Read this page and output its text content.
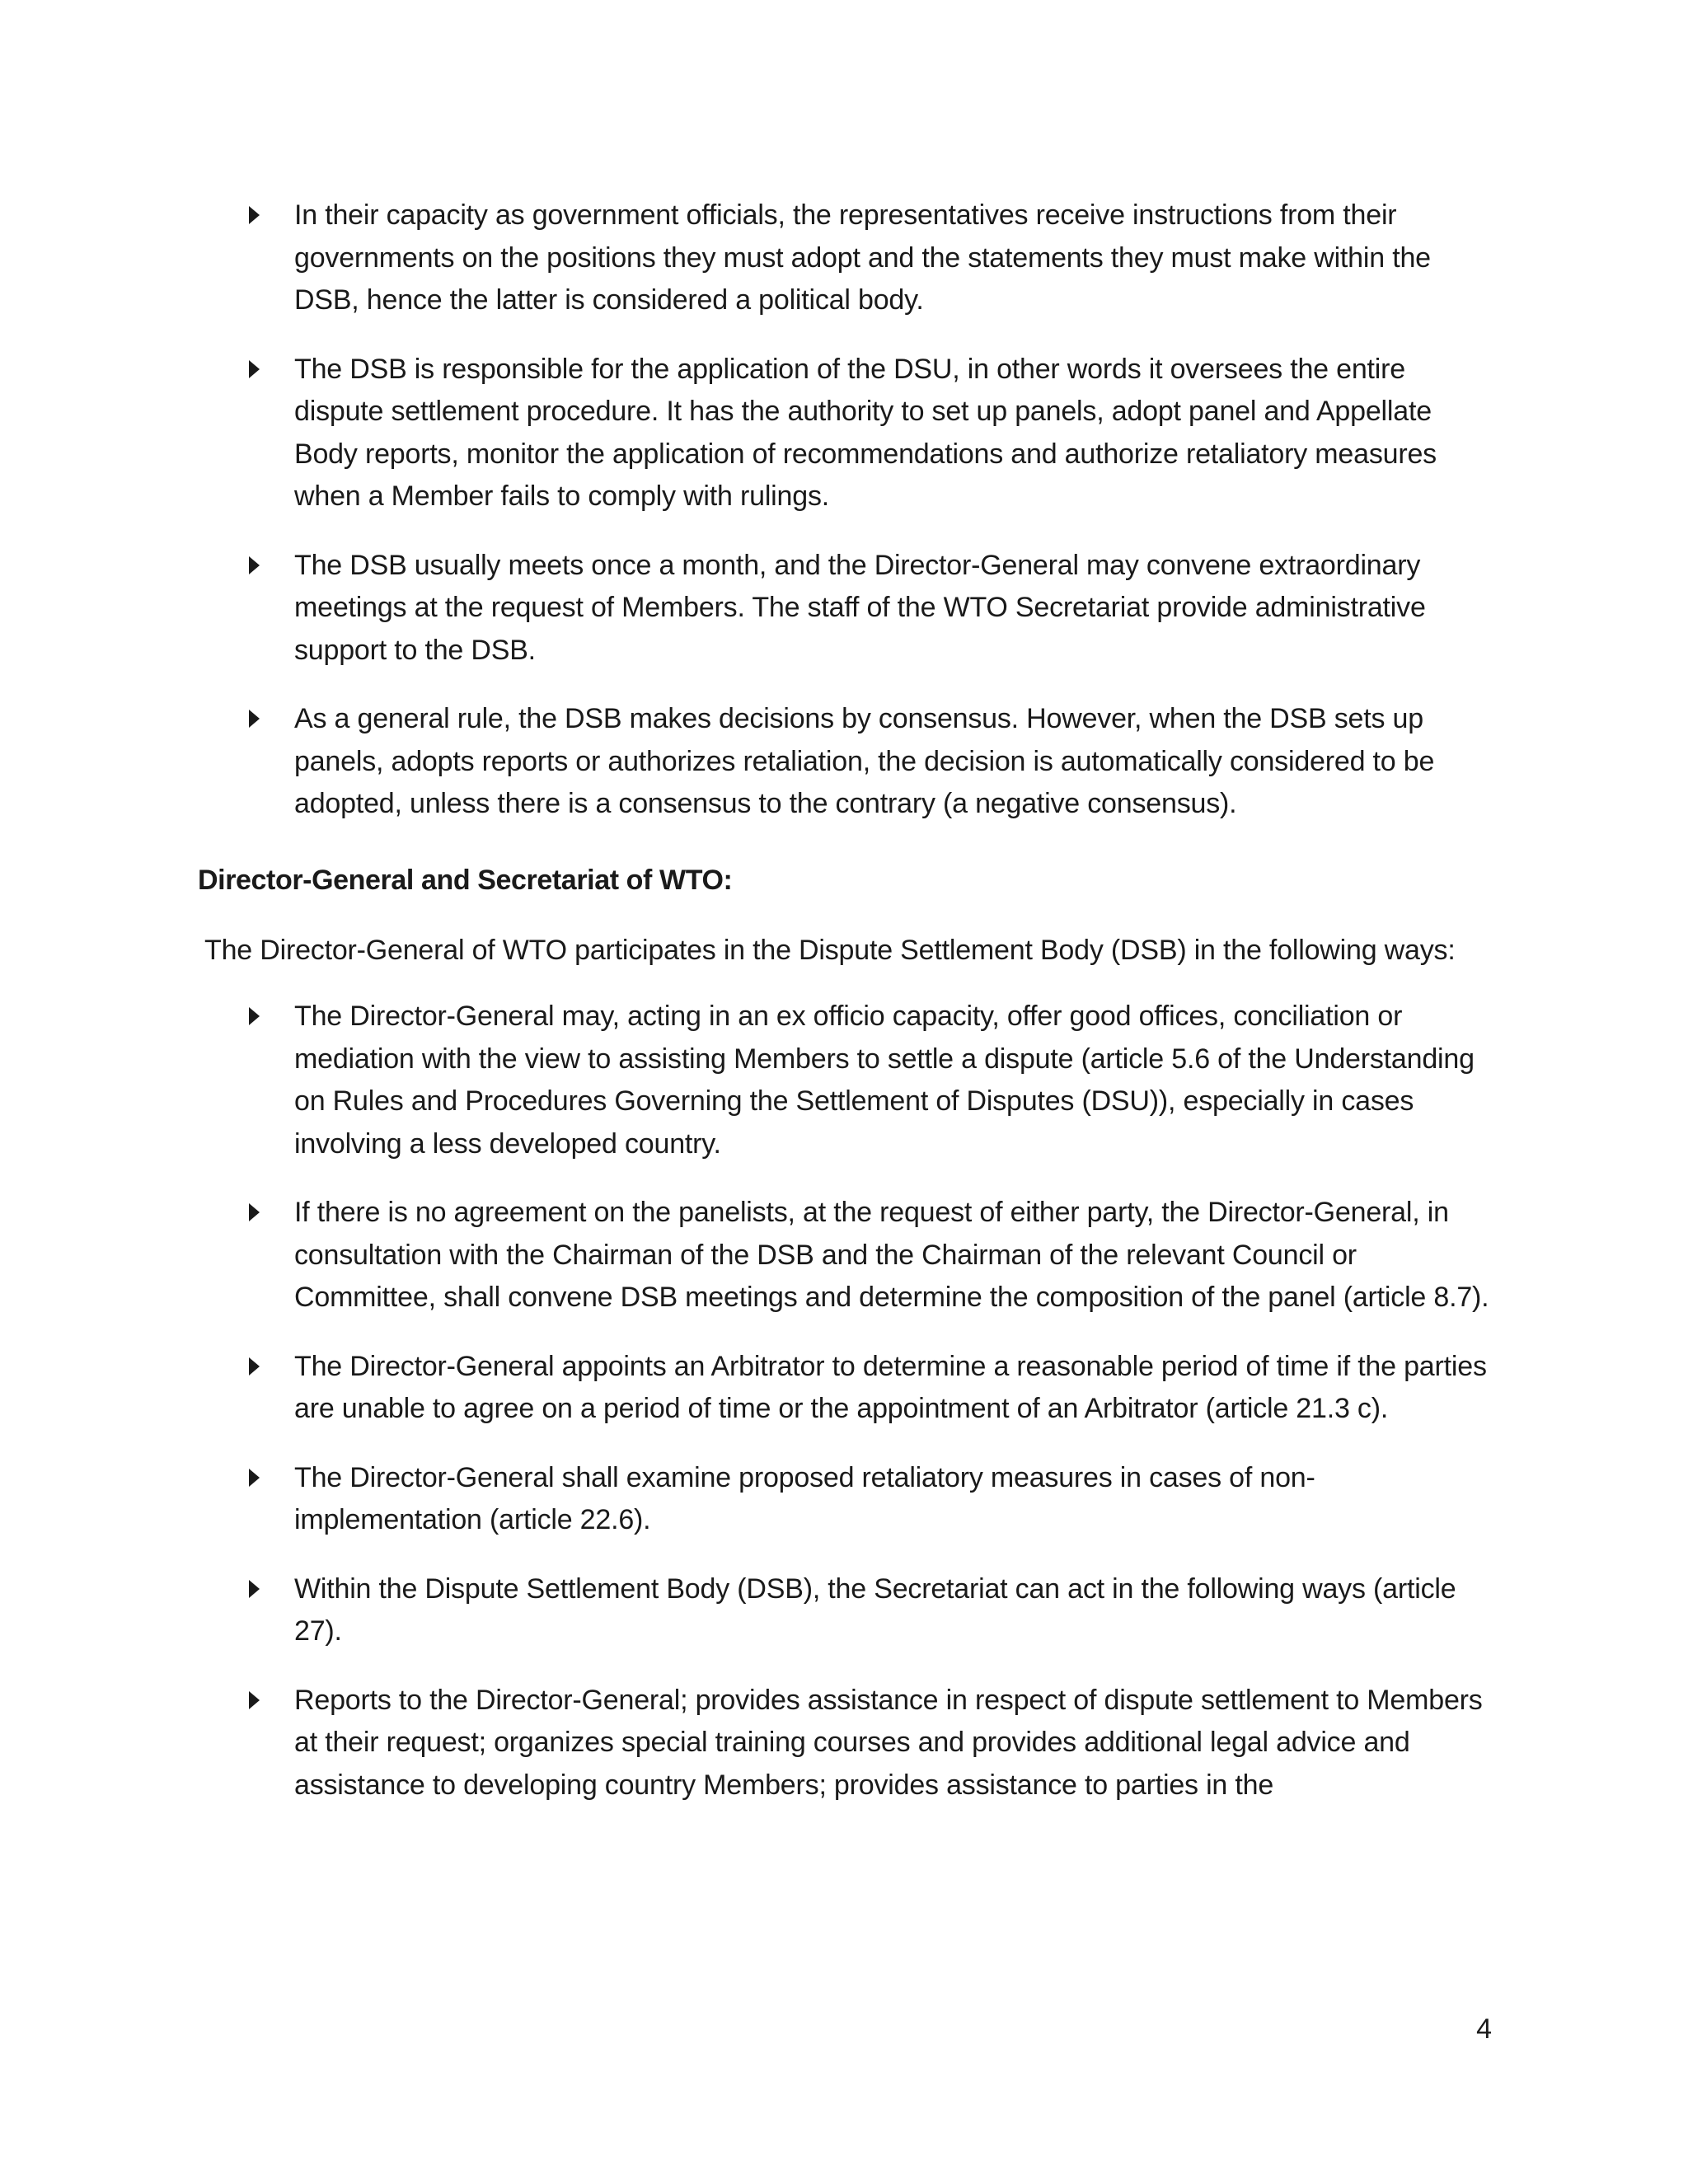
In their capacity as government officials, the representatives receive instructions from their governments on the positions they must adopt and the statements they must make within the DSB, hence the latter is considered a political body.
The DSB is responsible for the application of the DSU, in other words it oversees the entire dispute settlement procedure. It has the authority to set up panels, adopt panel and Appellate Body reports, monitor the application of recommendations and authorize retaliatory measures when a Member fails to comply with rulings.
The DSB usually meets once a month, and the Director-General may convene extraordinary meetings at the request of Members. The staff of the WTO Secretariat provide administrative support to the DSB.
As a general rule, the DSB makes decisions by consensus. However, when the DSB sets up panels, adopts reports or authorizes retaliation, the decision is automatically considered to be adopted, unless there is a consensus to the contrary (a negative consensus).
Director-General and Secretariat of WTO:

The Director-General of WTO participates in the Dispute Settlement Body (DSB) in the following ways:

The Director-General may, acting in an ex officio capacity, offer good offices, conciliation or mediation with the view to assisting Members to settle a dispute (article 5.6 of the Understanding on Rules and Procedures Governing the Settlement of Disputes (DSU)), especially in cases involving a less developed country.
If there is no agreement on the panelists, at the request of either party, the Director-General, in consultation with the Chairman of the DSB and the Chairman of the relevant Council or Committee, shall convene DSB meetings and determine the composition of the panel (article 8.7).
The Director-General appoints an Arbitrator to determine a reasonable period of time if the parties are unable to agree on a period of time or the appointment of an Arbitrator (article 21.3 c).
The Director-General shall examine proposed retaliatory measures in cases of non-implementation (article 22.6).
Within the Dispute Settlement Body (DSB), the Secretariat can act in the following ways (article 27).
Reports to the Director-General; provides assistance in respect of dispute settlement to Members at their request; organizes special training courses and provides additional legal advice and assistance to developing country Members; provides assistance to parties in the
4
